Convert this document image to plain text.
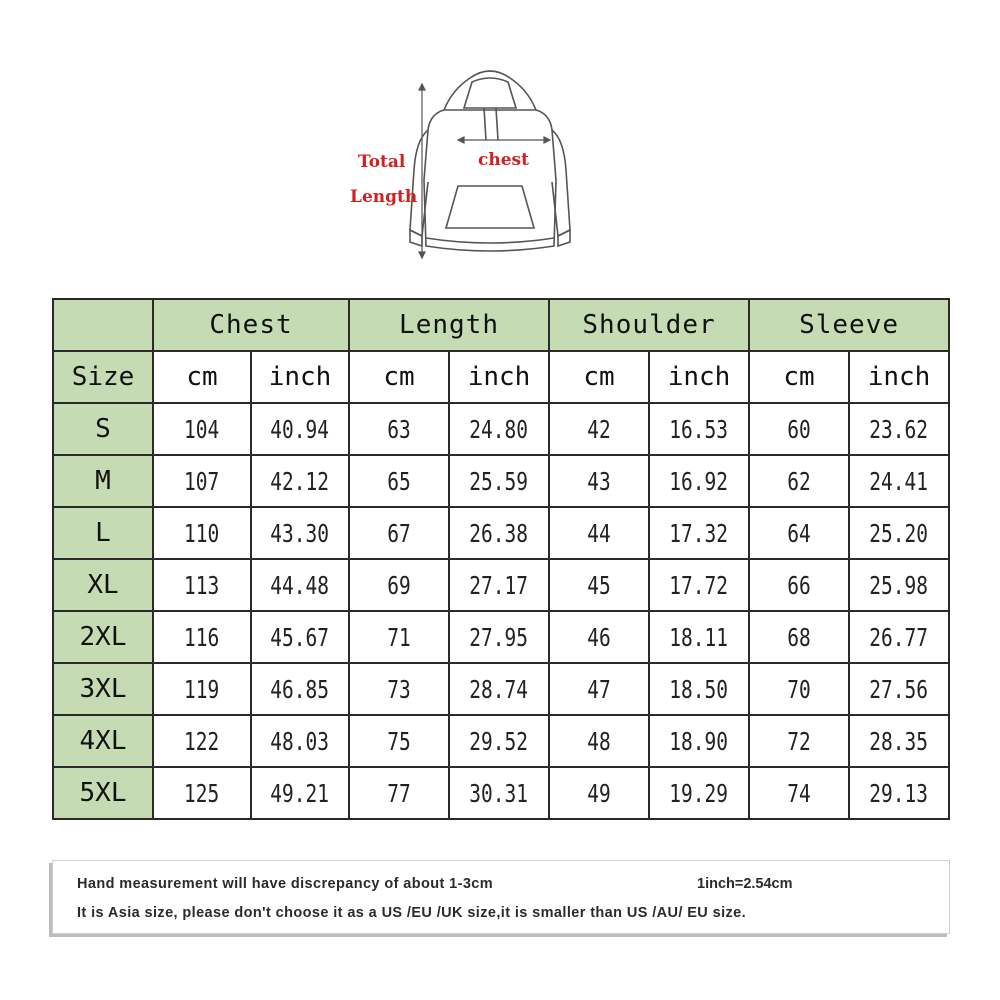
Total
Length
chest
	Chest		Length		Shoulder		Sleeve	
Size	cm	inch	cm	inch	cm	inch	cm	inch
S	104	40.94	63	24.80	42	16.53	60	23.62
M	107	42.12	65	25.59	43	16.92	62	24.41
L	110	43.30	67	26.38	44	17.32	64	25.20
XL	113	44.48	69	27.17	45	17.72	66	25.98
2XL	116	45.67	71	27.95	46	18.11	68	26.77
3XL	119	46.85	73	28.74	47	18.50	70	27.56
4XL	122	48.03	75	29.52	48	18.90	72	28.35
5XL	125	49.21	77	30.31	49	19.29	74	29.13
Hand measurement will have discrepancy of about 1-3cm	1inch=2.54cm
It is Asia size, please don't choose it as a US /EU /UK size,it is smaller than US /AU/ EU size.
